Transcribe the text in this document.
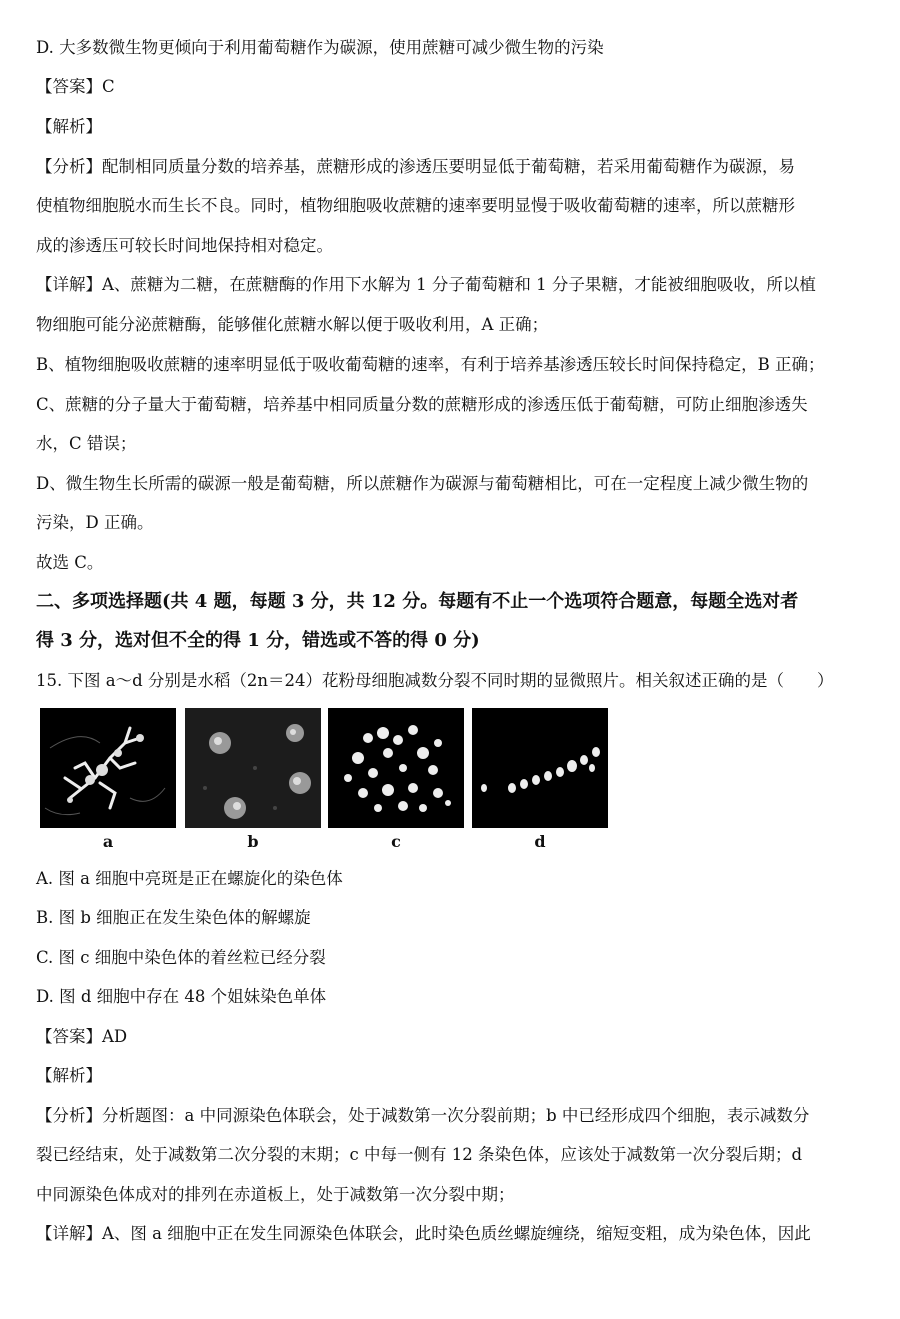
D. 大多数微生物更倾向于利用葡萄糖作为碳源，使用蔗糖可减少微生物的污染
【答案】C
【解析】
【分析】配制相同质量分数的培养基，蔗糖形成的渗透压要明显低于葡萄糖，若采用葡萄糖作为碳源，易
使植物细胞脱水而生长不良。同时，植物细胞吸收蔗糖的速率要明显慢于吸收葡萄糖的速率，所以蔗糖形
成的渗透压可较长时间地保持相对稳定。
【详解】A、蔗糖为二糖，在蔗糖酶的作用下水解为 1 分子葡萄糖和 1 分子果糖，才能被细胞吸收，所以植
物细胞可能分泌蔗糖酶，能够催化蔗糖水解以便于吸收利用，A 正确；
B、植物细胞吸收蔗糖的速率明显低于吸收葡萄糖的速率，有利于培养基渗透压较长时间保持稳定，B 正确；
C、蔗糖的分子量大于葡萄糖，培养基中相同质量分数的蔗糖形成的渗透压低于葡萄糖，可防止细胞渗透失
水，C 错误；
D、微生物生长所需的碳源一般是葡萄糖，所以蔗糖作为碳源与葡萄糖相比，可在一定程度上减少微生物的
污染，D 正确。
故选 C。
二、多项选择题(共 4 题，每题 3 分，共 12 分。每题有不止一个选项符合题意，每题全选对者
得 3 分，选对但不全的得 1 分，错选或不答的得 0 分)
15. 下图 a～d 分别是水稻（2n＝24）花粉母细胞减数分裂不同时期的显微照片。相关叙述正确的是（　　）
a	b	c	d
A. 图 a 细胞中亮斑是正在螺旋化的染色体
B. 图 b 细胞正在发生染色体的解螺旋
C. 图 c 细胞中染色体的着丝粒已经分裂
D. 图 d 细胞中存在 48 个姐妹染色单体
【答案】AD
【解析】
【分析】分析题图：a 中同源染色体联会，处于减数第一次分裂前期；b 中已经形成四个细胞，表示减数分
裂已经结束，处于减数第二次分裂的末期；c 中每一侧有 12 条染色体，应该处于减数第一次分裂后期；d
中同源染色体成对的排列在赤道板上，处于减数第一次分裂中期；
【详解】A、图 a 细胞中正在发生同源染色体联会，此时染色质丝螺旋缠绕，缩短变粗，成为染色体，因此
